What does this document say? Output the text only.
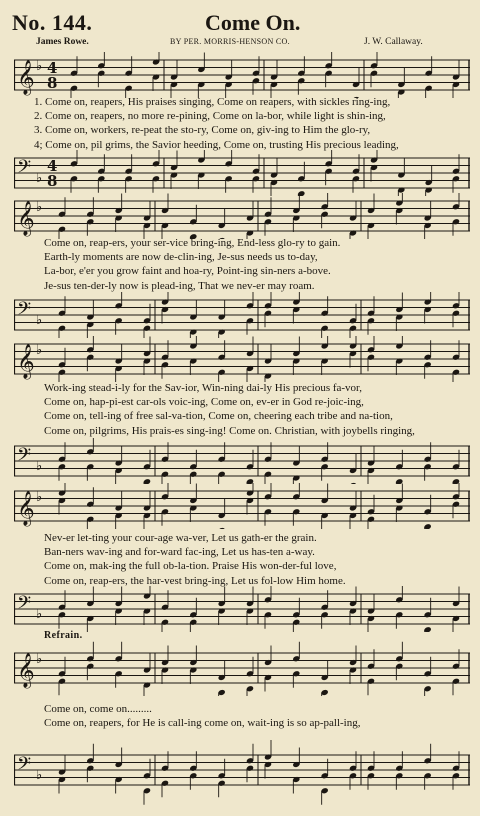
No. 144.	Come On.
James Rowe.	BY PER. MORRIS-HENSON CO.	J. W. Callaway.
𝄞 ♭ 4
8
1. Come on, reapers, His praises singing, Come on reapers, with sickles ring-ing,
2. Come on, reapers, no more re-pining, Come on la-bor, while light is shin-ing,
3. Come on, workers, re-peat the sto-ry, Come on, giv-ing to Him the glo-ry,
4; Come on, pil grims, the Savior heeding, Come on, trusting His precious leading,
𝄢 ♭
4
8
𝄞 ♭
Come on, reap-ers, your ser-vice bring-ing, End-less glo-ry to gain.
Earth-ly moments are now de-clin-ing, Je-sus needs us to-day,
La-bor, e'er you grow faint and hoa-ry, Point-ing sin-ners a-bove.
Je-sus ten-der-ly now is plead-ing, That we nev-er may roam.
𝄢 ♭
𝄞 ♭
Work-ing stead-i-ly for the Sav-ior, Win-ning dai-ly His precious fa-vor,
Come on, hap-pi-est car-ols voic-ing, Come on, ev-er in God re-joic-ing,
Come on, tell-ing of free sal-va-tion, Come on, cheering each tribe and na-tion,
Come on, pilgrims, His prais-es sing-ing! Come on. Christian, with joybells ringing,
𝄢 ♭
𝄞 ♭
Nev-er let-ting your cour-age wa-ver, Let us gath-er the grain.
Ban-ners wav-ing and for-ward fac-ing, Let us has-ten a-way.
Come on, mak-ing the full ob-la-tion. Praise His won-der-ful love,
Come on, reap-ers, the har-vest bring-ing, Let us fol-low Him home.
𝄢 ♭
Refrain.
𝄞 ♭
Come on, come on.........
Come on, reapers, for He is call-ing come on, wait-ing is so ap-pall-ing,
𝄢 ♭
